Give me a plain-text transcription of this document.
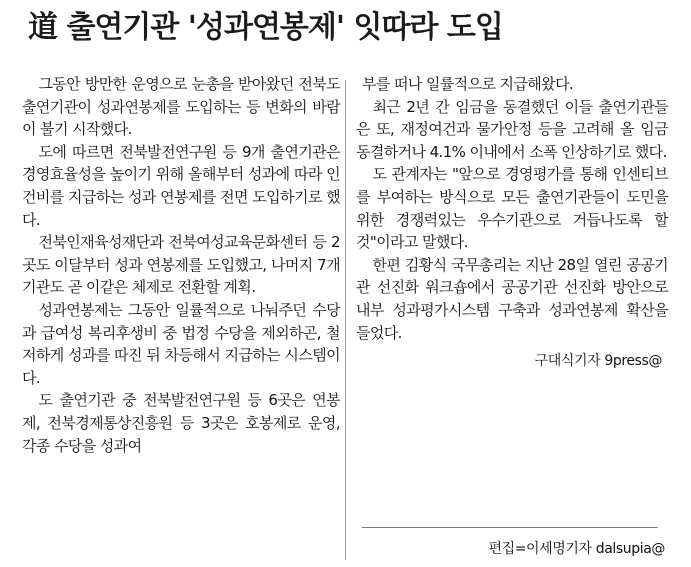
道 출연기관 '성과연봉제' 잇따라 도입

그동안 방만한 운영으로 눈총을 받아왔던 전북도 출연기관이 성과연봉제를 도입하는 등 변화의 바람이 불기 시작했다.

도에 따르면 전북발전연구원 등 9개 출연기관은 경영효율성을 높이기 위해 올해부터 성과에 따라 인건비를 지급하는 성과 연봉제를 전면 도입하기로 했다.

전북인재육성재단과 전북여성교육문화센터 등 2곳도 이달부터 성과 연봉제를 도입했고, 나머지 7개 기관도 곧 이같은 체제로 전환할 계획.

성과연봉제는 그동안 일률적으로 나눠주던 수당과 급여성 복리후생비 중 법정 수당을 제외하곤, 철저하게 성과를 따진 뒤 차등해서 지급하는 시스템이다.

도 출연기관 중 전북발전연구원 등 6곳은 연봉제, 전북경제통상진흥원 등 3곳은 호봉제로 운영, 각종 수당을 성과여

부를 떠나 일률적으로 지급해왔다.

최근 2년 간 임금을 동결했던 이들 출연기관들은 또, 재정여건과 물가안정 등을 고려해 올 임금 동결하거나 4.1% 이내에서 소폭 인상하기로 했다.

도 관계자는 "앞으로 경영평가를 통해 인센티브를 부여하는 방식으로 모든 출연기관들이 도민을 위한 경쟁력있는 우수기관으로 거듭나도록 할 것"이라고 말했다.

한편 김황식 국무총리는 지난 28일 열린 공공기관 선진화 워크숍에서 공공기관 선진화 방안으로 내부 성과평가시스템 구축과 성과연봉제 확산을 들었다.

구대식기자 9press@
편집=이세명기자 dalsupia@
